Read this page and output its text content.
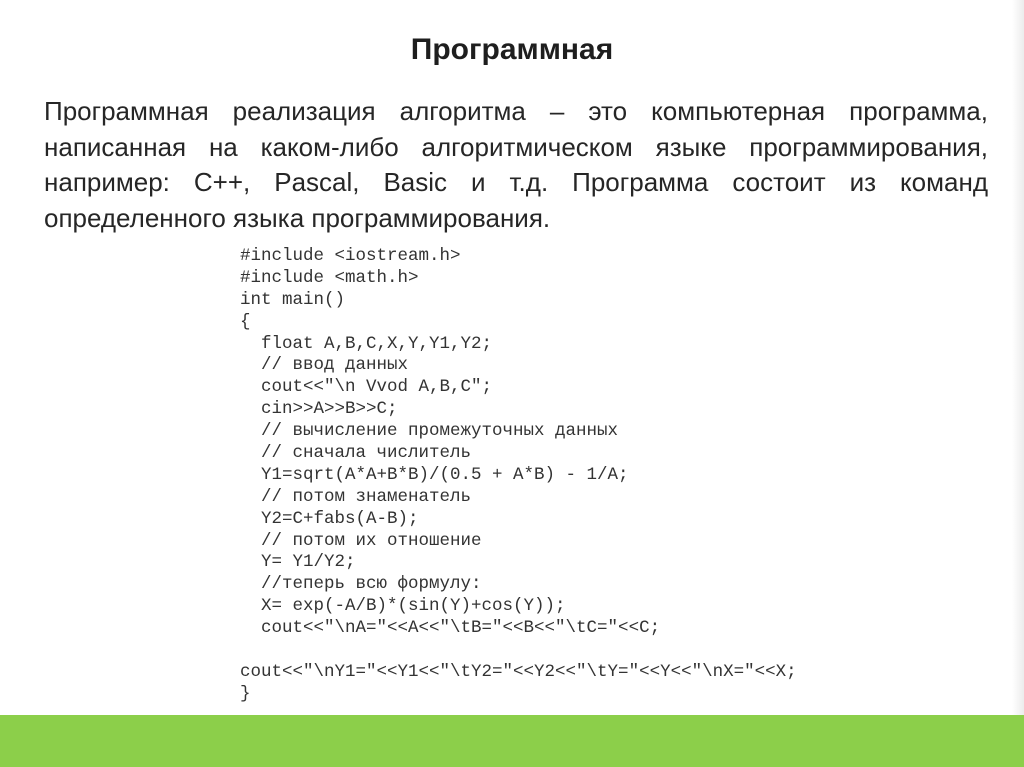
Программная

Программная реализация алгоритма – это компьютерная программа, написанная на каком-либо алгоритмическом языке программирования, например: C++, Pascal, Basic и т.д. Программа состоит из команд определенного языка программирования.

#include <iostream.h>
#include <math.h>
int main()
{
float A,B,C,X,Y,Y1,Y2;
// ввод данных
cout<<"\n Vvod A,B,C";
cin>>A>>B>>C;
// вычисление промежуточных данных
// сначала числитель
Y1=sqrt(A*A+B*B)/(0.5 + A*B) - 1/A;
// потом знаменатель
Y2=C+fabs(A-B);
// потом их отношение
Y= Y1/Y2;
//теперь всю формулу:
X= exp(-A/B)*(sin(Y)+cos(Y));
cout<<"\nA="<<A<<"\tB="<<B<<"\tC="<<C;
cout<<"\nY1="<<Y1<<"\tY2="<<Y2<<"\tY="<<Y<<"\nX="<<X;
}
